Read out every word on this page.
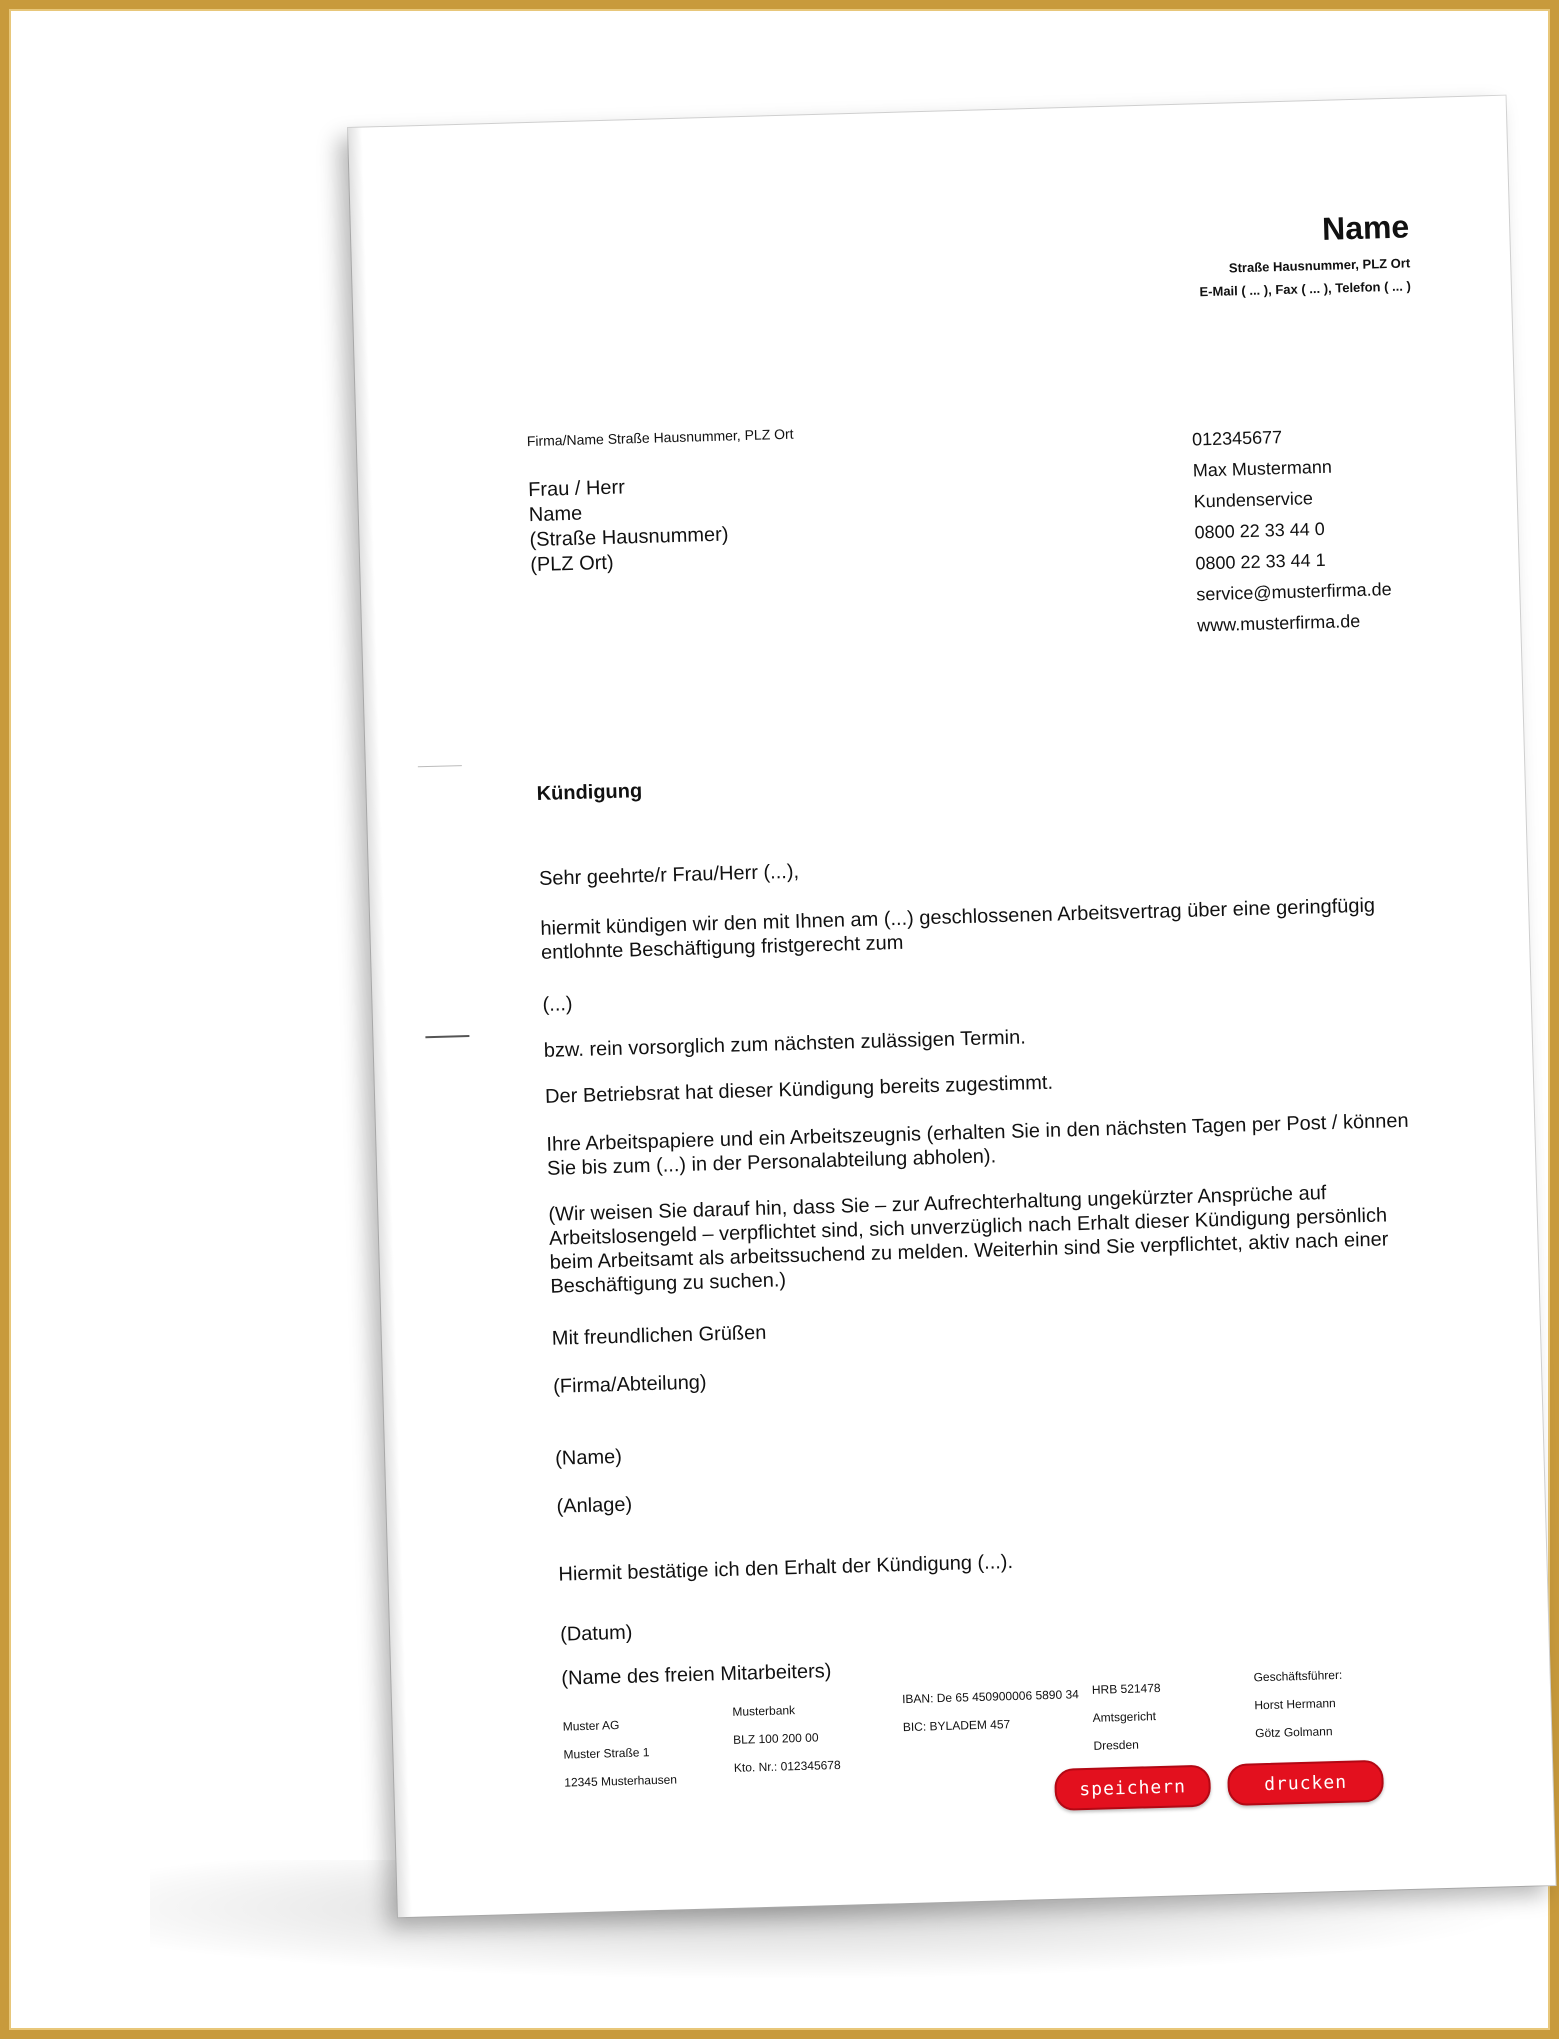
Name
Straße Hausnummer, PLZ Ort
E-Mail ( ... ), Fax ( ... ), Telefon ( ... )
Firma/Name Straße Hausnummer, PLZ Ort
Frau / Herr
Name
(Straße Hausnummer)
(PLZ Ort)
012345677
Max Mustermann
Kundenservice
0800 22 33 44 0
0800 22 33 44 1
service@musterfirma.de
www.musterfirma.de
Kündigung
Sehr geehrte/r Frau/Herr (...),
hiermit kündigen wir den mit Ihnen am (...) geschlossenen Arbeitsvertrag über eine geringfügig entlohnte Beschäftigung fristgerecht zum
(...)
bzw. rein vorsorglich zum nächsten zulässigen Termin.
Der Betriebsrat hat dieser Kündigung bereits zugestimmt.
Ihre Arbeitspapiere und ein Arbeitszeugnis (erhalten Sie in den nächsten Tagen per Post / können Sie bis zum (...) in der Personalabteilung abholen).
(Wir weisen Sie darauf hin, dass Sie – zur Aufrechterhaltung ungekürzter Ansprüche auf Arbeitslosengeld – verpflichtet sind, sich unverzüglich nach Erhalt dieser Kündigung persönlich beim Arbeitsamt als arbeitssuchend zu melden. Weiterhin sind Sie verpflichtet, aktiv nach einer Beschäftigung zu suchen.)
Mit freundlichen Grüßen
(Firma/Abteilung)
(Name)
(Anlage)
Hiermit bestätige ich den Erhalt der Kündigung (...).
(Datum)
(Name des freien Mitarbeiters)
Muster AG
Muster Straße 1
12345 Musterhausen
Musterbank
BLZ 100 200 00
Kto. Nr.: 012345678
IBAN: De 65 450900006 5890 34
BIC: BYLADEM 457
HRB 521478
Amtsgericht
Dresden
Geschäftsführer:
Horst Hermann
Götz Golmann
speichern	drucken
